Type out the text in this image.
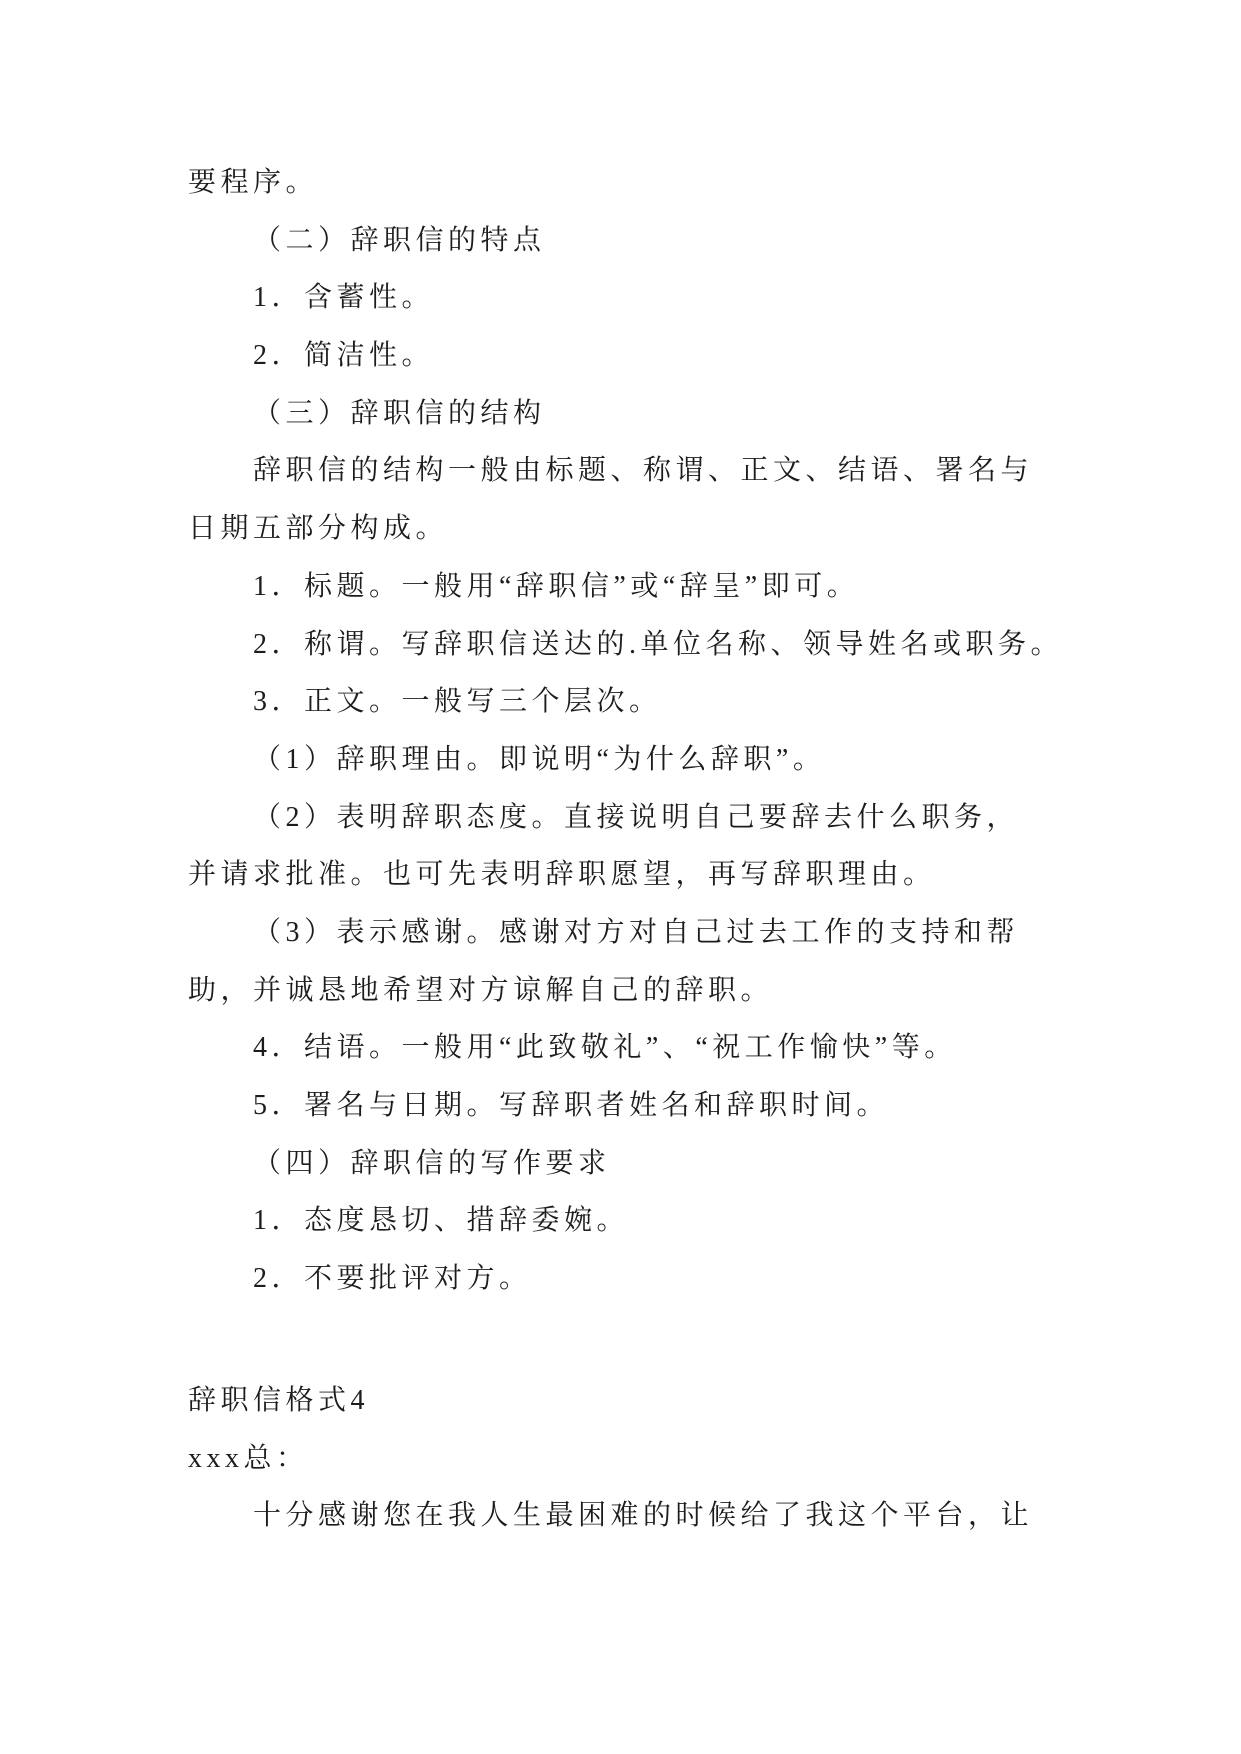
要程序。
（二）辞职信的特点
1．含蓄性。
2．简洁性。
（三）辞职信的结构
辞职信的结构一般由标题、称谓、正文、结语、署名与
日期五部分构成。
1．标题。一般用“辞职信”或“辞呈”即可。
2．称谓。写辞职信送达的.单位名称、领导姓名或职务。
3．正文。一般写三个层次。
（1）辞职理由。即说明“为什么辞职”。
（2）表明辞职态度。直接说明自己要辞去什么职务，
并请求批准。也可先表明辞职愿望，再写辞职理由。
（3）表示感谢。感谢对方对自己过去工作的支持和帮
助，并诚恳地希望对方谅解自己的辞职。
4．结语。一般用“此致敬礼”、“祝工作愉快”等。
5．署名与日期。写辞职者姓名和辞职时间。
（四）辞职信的写作要求
1．态度恳切、措辞委婉。
2．不要批评对方。
辞职信格式4
xxx总：
十分感谢您在我人生最困难的时候给了我这个平台，让
